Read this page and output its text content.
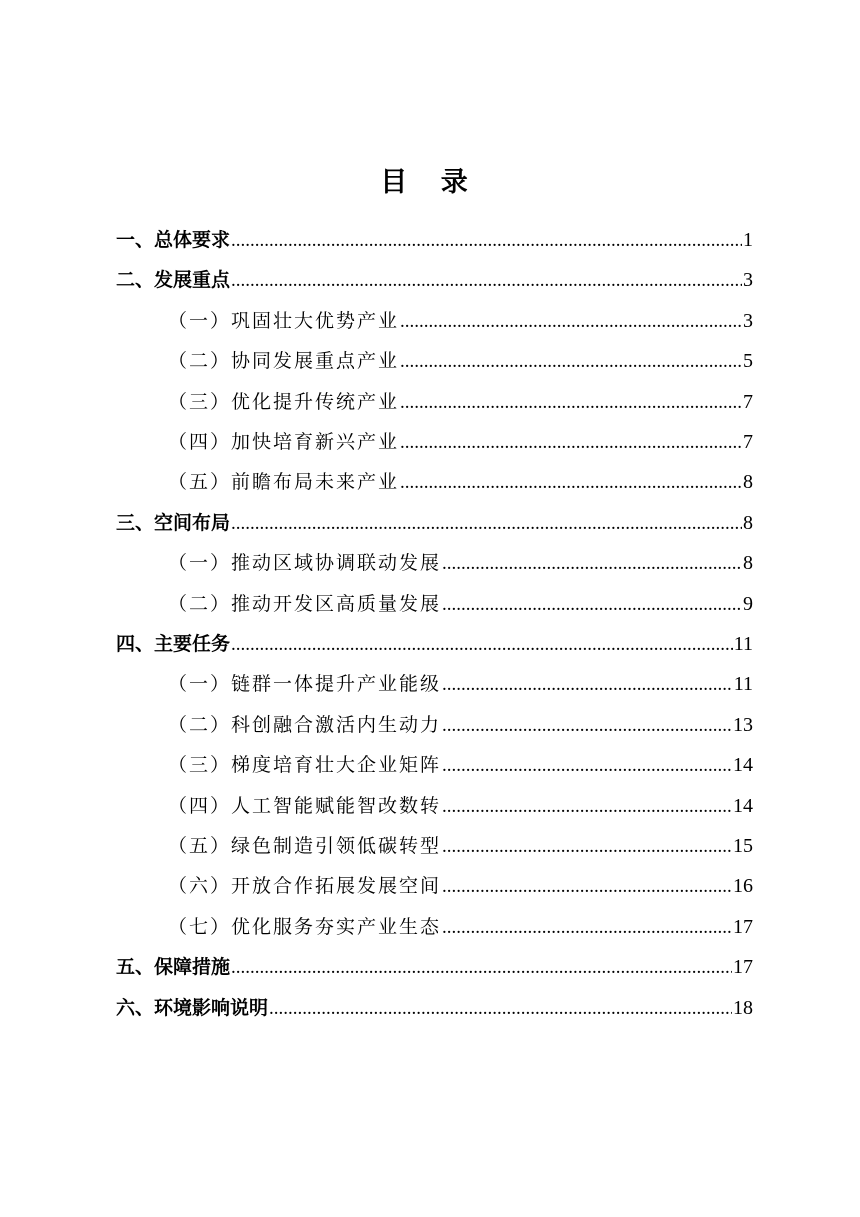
目 录
一、总体要求 .....	1
二、发展重点 .....	3
（一）巩固壮大优势产业 .....	3
（二）协同发展重点产业 .....	5
（三）优化提升传统产业 .....	7
（四）加快培育新兴产业 .....	7
（五）前瞻布局未来产业 .....	8
三、空间布局 .....	8
（一）推动区域协调联动发展 .....	8
（二）推动开发区高质量发展 .....	9
四、主要任务 .....	11
（一）链群一体提升产业能级 .....	11
（二）科创融合激活内生动力 .....	13
（三）梯度培育壮大企业矩阵 .....	14
（四）人工智能赋能智改数转 .....	14
（五）绿色制造引领低碳转型 .....	15
（六）开放合作拓展发展空间 .....	16
（七）优化服务夯实产业生态 .....	17
五、保障措施 .....	17
六、环境影响说明 .....	18
